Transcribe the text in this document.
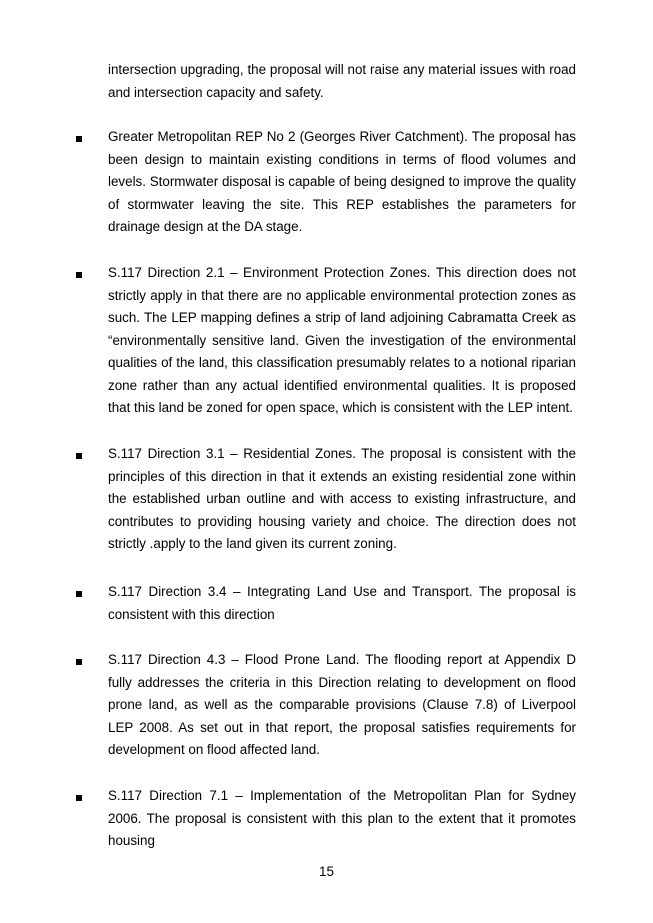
intersection upgrading, the proposal will not raise any material issues with road and intersection capacity and safety.

Greater Metropolitan REP No 2 (Georges River Catchment). The proposal has been design to maintain existing conditions in terms of flood volumes and levels. Stormwater disposal is capable of being designed to improve the quality of stormwater leaving the site. This REP establishes the parameters for drainage design at the DA stage.

S.117 Direction 2.1 – Environment Protection Zones. This direction does not strictly apply in that there are no applicable environmental protection zones as such. The LEP mapping defines a strip of land adjoining Cabramatta Creek as “environmentally sensitive land. Given the investigation of the environmental qualities of the land, this classification presumably relates to a notional riparian zone rather than any actual identified environmental qualities. It is proposed that this land be zoned for open space, which is consistent with the LEP intent.

S.117 Direction 3.1 – Residential Zones. The proposal is consistent with the principles of this direction in that it extends an existing residential zone within the established urban outline and with access to existing infrastructure, and contributes to providing housing variety and choice. The direction does not strictly .apply to the land given its current zoning.

S.117 Direction 3.4 – Integrating Land Use and Transport. The proposal is consistent with this direction

S.117 Direction 4.3 – Flood Prone Land. The flooding report at Appendix D fully addresses the criteria in this Direction relating to development on flood prone land, as well as the comparable provisions (Clause 7.8) of Liverpool LEP 2008. As set out in that report, the proposal satisfies requirements for development on flood affected land.

S.117 Direction 7.1 – Implementation of the Metropolitan Plan for Sydney 2006. The proposal is consistent with this plan to the extent that it promotes housing

15
